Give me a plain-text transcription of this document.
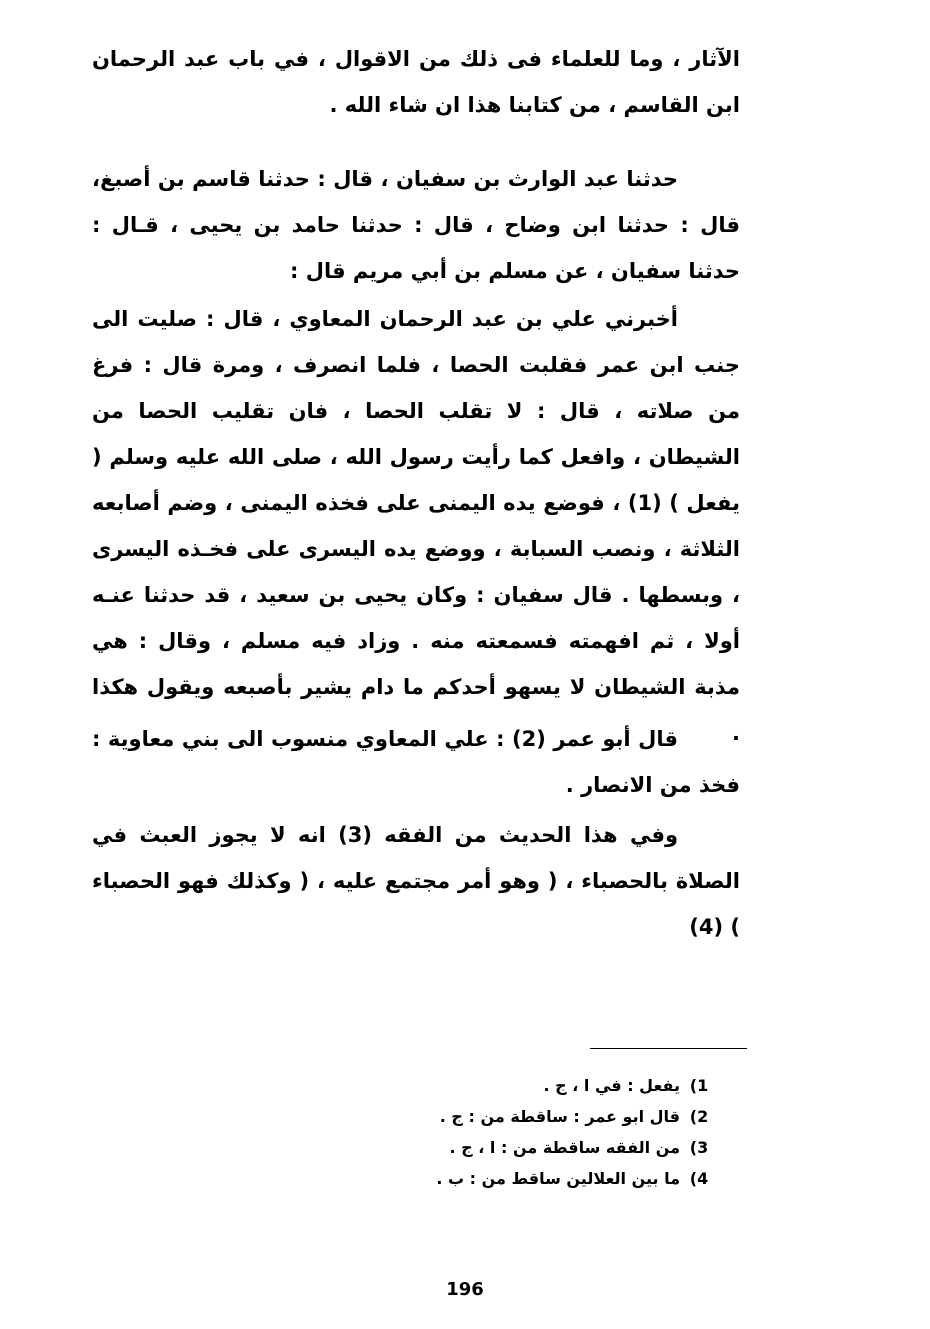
الآثار ، وما للعلماء فى ذلك من الاقوال ، في باب عبد الرحمان ابن القاسم ، من كتابنا هذا ان شاء الله .

حدثنا عبد الوارث بن سفيان ، قال : حدثنا قاسم بن أصبغ، قال : حدثنا ابن وضاح ، قال : حدثنا حامد بن يحيى ، قـال : حدثنا سفيان ، عن مسلم بن أبي مريم قال :

أخبرني علي بن عبد الرحمان المعاوي ، قال : صليت الى جنب ابن عمر فقلبت الحصا ، فلما انصرف ، ومرة قال : فرغ من صلاته ، قال : لا تقلب الحصا ، فان تقليب الحصا من الشيطان ، وافعل كما رأيت رسول الله ، صلى الله عليه وسلم ( يفعل ) (1) ، فوضع يده اليمنى على فخذه اليمنى ، وضم أصابعه الثلاثة ، ونصب السبابة ، ووضع يده اليسرى على فخـذه اليسرى ، وبسطها . قال سفيان : وكان يحيى بن سعيد ، قد حدثنا عنـه أولا ، ثم افهمته فسمعته منه . وزاد فيه مسلم ، وقال : هي مذبة الشيطان لا يسهو أحدكم ما دام يشير بأصبعه ويقول هكذا .

قال أبو عمر (2) : علي المعاوي منسوب الى بني معاوية : فخذ من الانصار .

وفي هذا الحديث من الفقه (3) انه لا يجوز العبث في الصلاة بالحصباء ، ( وهو أمر مجتمع عليه ، ( وكذلك فهو الحصباء ) (4)

1)يفعل : في ا ، ج .
2)قال ابو عمر : ساقطة من : ج .
3)من الفقه ساقطة من : ا ، ج .
4)ما بين العلالين ساقط من : ب .
196
